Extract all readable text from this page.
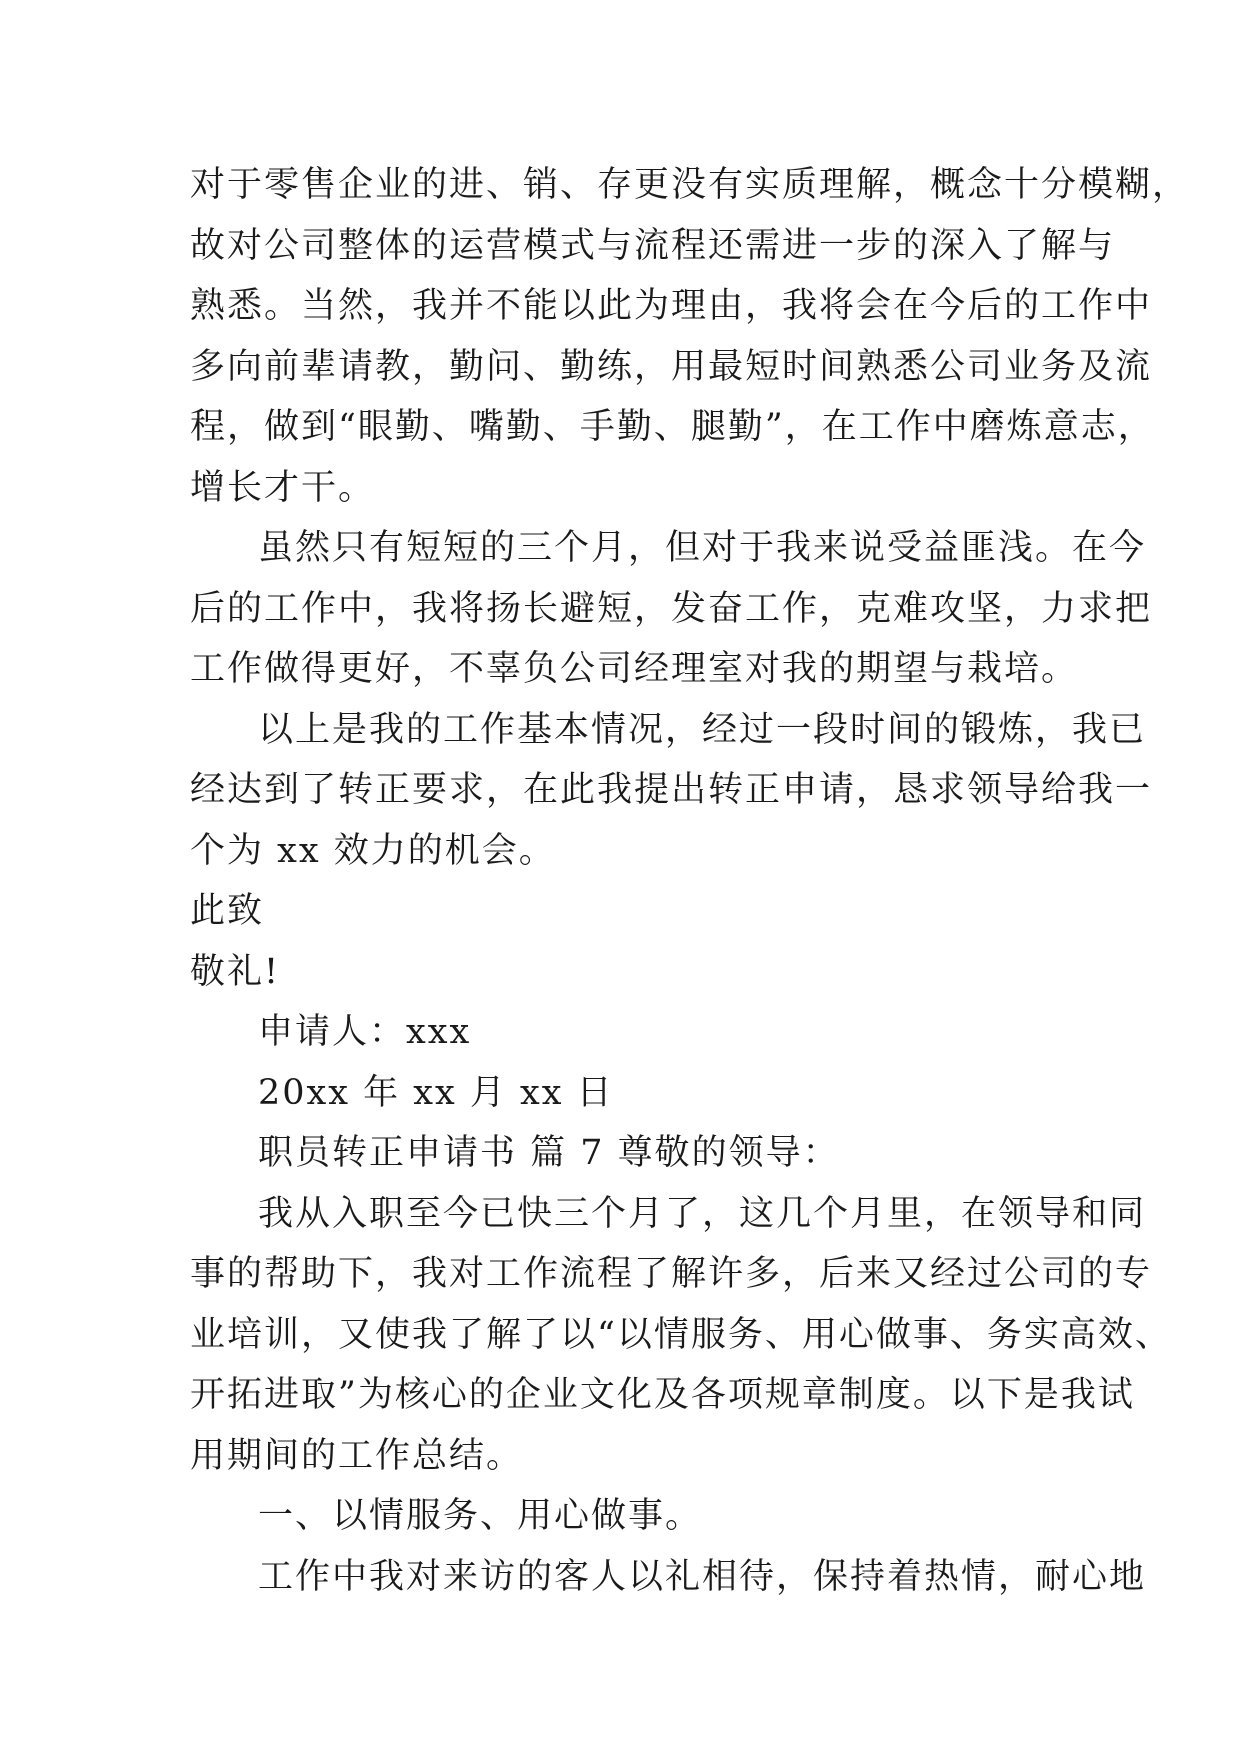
对于零售企业的进、销、存更没有实质理解，概念十分模糊，
故对公司整体的运营模式与流程还需进一步的深入了解与
熟悉。当然，我并不能以此为理由，我将会在今后的工作中
多向前辈请教，勤问、勤练，用最短时间熟悉公司业务及流
程，做到“眼勤、嘴勤、手勤、腿勤”，在工作中磨炼意志，
增长才干。
虽然只有短短的三个月，但对于我来说受益匪浅。在今
后的工作中，我将扬长避短，发奋工作，克难攻坚，力求把
工作做得更好，不辜负公司经理室对我的期望与栽培。
以上是我的工作基本情况，经过一段时间的锻炼，我已
经达到了转正要求，在此我提出转正申请，恳求领导给我一
个为 xx 效力的机会。
此致
敬礼!
申请人：xxx
20xx 年 xx 月 xx 日
职员转正申请书 篇 7 尊敬的领导：
我从入职至今已快三个月了，这几个月里，在领导和同
事的帮助下，我对工作流程了解许多，后来又经过公司的专
业培训，又使我了解了以“以情服务、用心做事、务实高效、
开拓进取”为核心的企业文化及各项规章制度。以下是我试
用期间的工作总结。
一、以情服务、用心做事。
工作中我对来访的客人以礼相待，保持着热情，耐心地
